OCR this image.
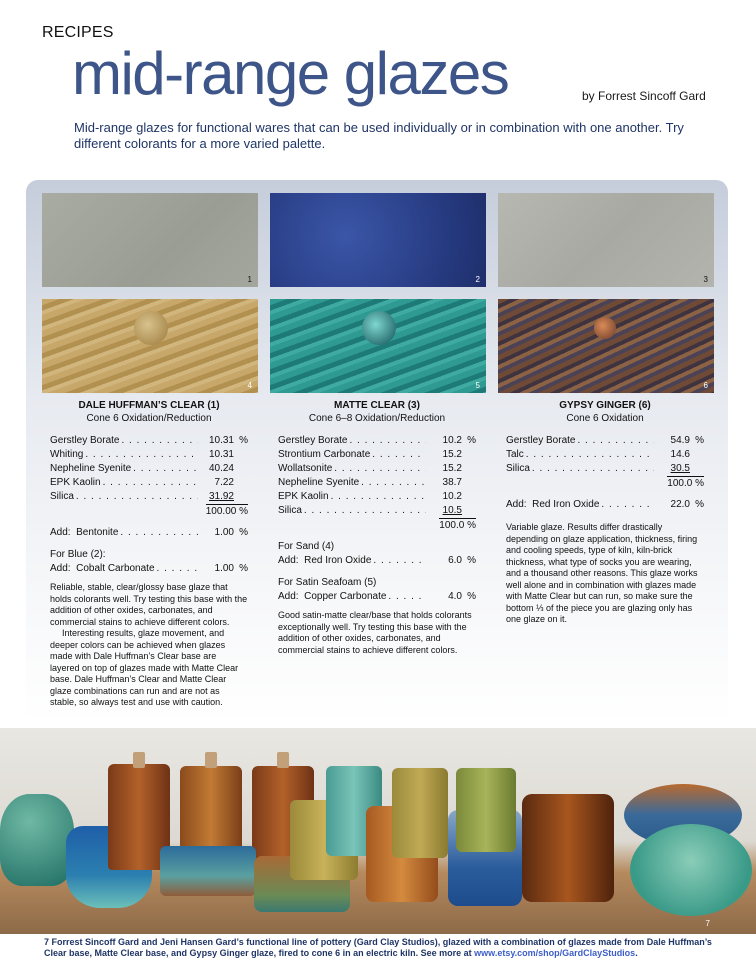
RECIPES
mid-range glazes	by Forrest Sincoff Gard
Mid-range glazes for functional wares that can be used individually or in combination with one another. Try different colorants for a more varied palette.
1	2	3
4	5	6
DALE HUFFMAN’S CLEAR (1)
Cone 6 Oxidation/Reduction
Gerstley Borate . . .	10.31 %
Whiting . . .	10.31
Nepheline Syenite . . .	40.24
EPK Kaolin . . .	7.22
Silica . . .	31.92
100.00 %
Add: Bentonite . . .	1.00 %
For Blue (2):
Add: Cobalt Carbonate . . .	1.00 %

Reliable, stable, clear/glossy base glaze that holds colorants well. Try testing this base with the addition of other oxides, carbonates, and commercial stains to achieve different colors.

Interesting results, glaze movement, and deeper colors can be achieved when glazes made with Dale Huffman’s Clear base are layered on top of glazes made with Matte Clear base. Dale Huffman’s Clear and Matte Clear glaze combinations can run and are not as stable, so always test and use with caution.

MATTE CLEAR (3)
Cone 6–8 Oxidation/Reduction
Gerstley Borate . . .	10.2 %
Strontium Carbonate . . .	15.2
Wollatsonite . . .	15.2
Nepheline Syenite . . .	38.7
EPK Kaolin . . .	10.2
Silica . . .	10.5
100.0 %
For Sand (4)
Add: Red Iron Oxide . . .	6.0 %
For Satin Seafoam (5)
Add: Copper Carbonate . . .	4.0 %

Good satin-matte clear/base that holds colorants exceptionally well. Try testing this base with the addition of other oxides, carbonates, and commercial stains to achieve different colors.

GYPSY GINGER (6)
Cone 6 Oxidation
Gerstley Borate . . .	54.9 %
Talc . . .	14.6
Silica . . .	30.5
100.0 %
Add: Red Iron Oxide . . .	22.0 %

Variable glaze. Results differ drastically depending on glaze application, thickness, firing and cooling speeds, type of kiln, kiln-brick thickness, what type of socks you are wearing, and a thousand other reasons. This glaze works well alone and in combination with glazes made with Matte Clear but can run, so make sure the bottom ⅓ of the piece you are glazing only has one glaze on it.

7
7 Forrest Sincoff Gard and Jeni Hansen Gard’s functional line of pottery (Gard Clay Studios), glazed with a combination of glazes made from Dale Huffman’s Clear base, Matte Clear base, and Gypsy Ginger glaze, fired to cone 6 in an electric kiln. See more at www.etsy.com/shop/GardClayStudios.
